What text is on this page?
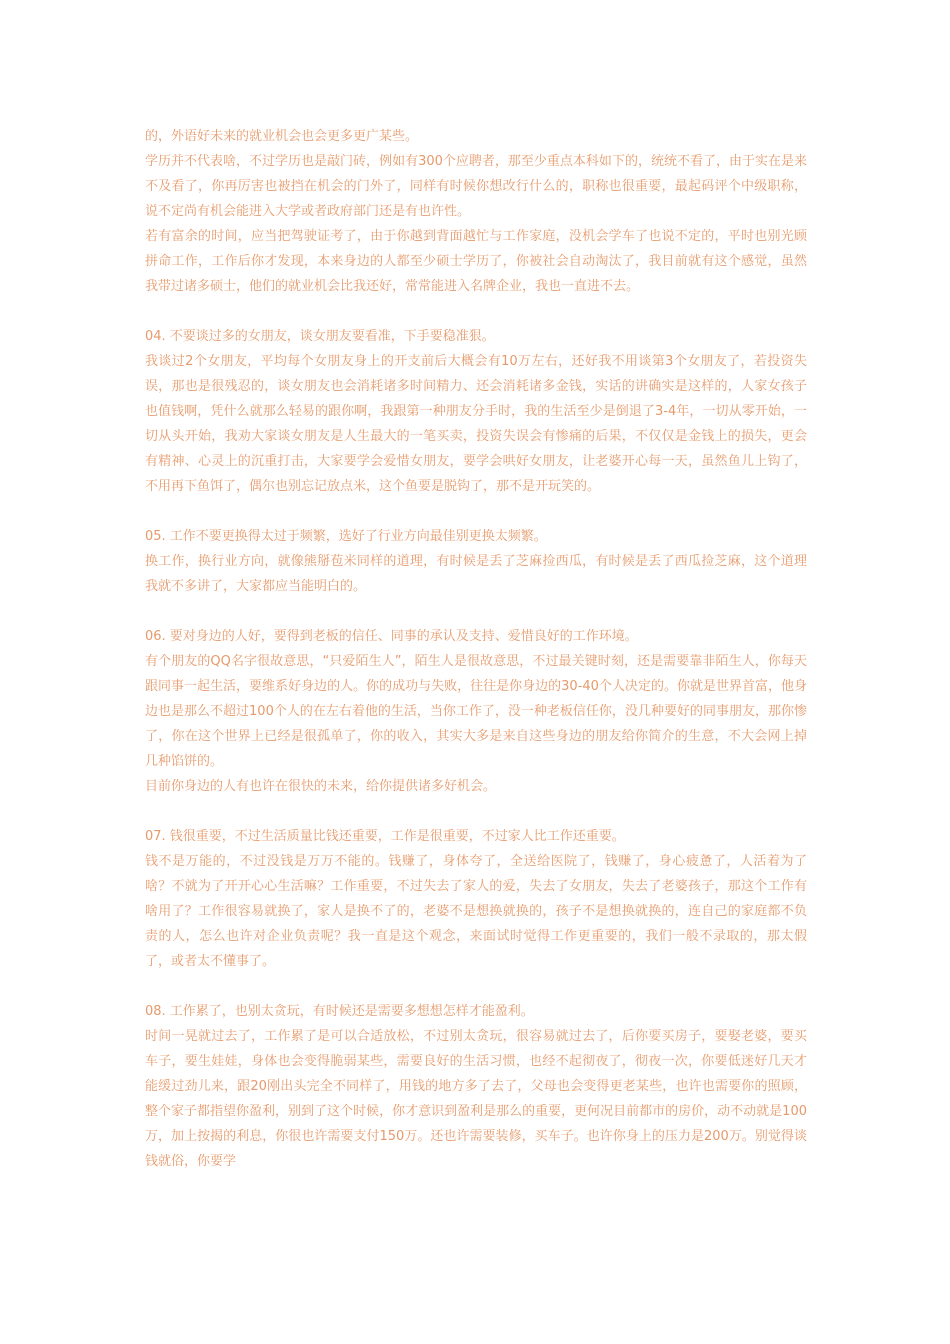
的，外语好未来的就业机会也会更多更广某些。

学历并不代表啥，不过学历也是敲门砖，例如有300个应聘者，那至少重点本科如下的，统统不看了，由于实在是来不及看了，你再厉害也被挡在机会的门外了，同样有时候你想改行什么的，职称也很重要，最起码评个中级职称，说不定尚有机会能进入大学或者政府部门还是有也许性。

若有富余的时间，应当把驾驶证考了，由于你越到背面越忙与工作家庭，没机会学车了也说不定的，平时也别光顾拼命工作，工作后你才发现，本来身边的人都至少硕士学历了，你被社会自动淘汰了，我目前就有这个感觉，虽然我带过诸多硕士，他们的就业机会比我还好，常常能进入名牌企业，我也一直进不去。

04. 不要谈过多的女朋友，谈女朋友要看准，下手要稳准狠。

我谈过2个女朋友，平均每个女朋友身上的开支前后大概会有10万左右，还好我不用谈第3个女朋友了，若投资失误，那也是很残忍的，谈女朋友也会消耗诸多时间精力、还会消耗诸多金钱，实话的讲确实是这样的，人家女孩子也值钱啊，凭什么就那么轻易的跟你啊，我跟第一种朋友分手时，我的生活至少是倒退了3-4年，一切从零开始，一切从头开始，我劝大家谈女朋友是人生最大的一笔买卖，投资失误会有惨痛的后果，不仅仅是金钱上的损失，更会有精神、心灵上的沉重打击，大家要学会爱惜女朋友，要学会哄好女朋友，让老婆开心每一天，虽然鱼儿上钩了，不用再下鱼饵了，偶尔也别忘记放点米，这个鱼要是脱钩了，那不是开玩笑的。

05. 工作不要更换得太过于频繁，选好了行业方向最佳别更换太频繁。

换工作，换行业方向，就像熊掰苞米同样的道理，有时候是丢了芝麻捡西瓜，有时候是丢了西瓜捡芝麻，这个道理我就不多讲了，大家都应当能明白的。

06. 要对身边的人好，要得到老板的信任、同事的承认及支持、爱惜良好的工作环境。

有个朋友的QQ名字很故意思，“只爱陌生人”，陌生人是很故意思，不过最关键时刻，还是需要靠非陌生人，你每天跟同事一起生活，要维系好身边的人。你的成功与失败，往往是你身边的30-40个人决定的。你就是世界首富，他身边也是那么不超过100个人的在左右着他的生活，当你工作了，没一种老板信任你，没几种要好的同事朋友，那你惨了，你在这个世界上已经是很孤单了，你的收入，其实大多是来自这些身边的朋友给你简介的生意，不大会网上掉几种馅饼的。

目前你身边的人有也许在很快的未来，给你提供诸多好机会。

07. 钱很重要，不过生活质量比钱还重要，工作是很重要，不过家人比工作还重要。

钱不是万能的，不过没钱是万万不能的。钱赚了，身体夸了，全送给医院了，钱赚了，身心疲惫了，人活着为了啥？不就为了开开心心生活嘛？工作重要，不过失去了家人的爱，失去了女朋友，失去了老婆孩子，那这个工作有啥用了？工作很容易就换了，家人是换不了的，老婆不是想换就换的，孩子不是想换就换的，连自己的家庭都不负责的人，怎么也许对企业负责呢？我一直是这个观念，来面试时觉得工作更重要的，我们一般不录取的，那太假了，或者太不懂事了。

08. 工作累了，也别太贪玩，有时候还是需要多想想怎样才能盈利。

时间一晃就过去了，工作累了是可以合适放松，不过别太贪玩，很容易就过去了，后你要买房子，要娶老婆，要买车子，要生娃娃，身体也会变得脆弱某些，需要良好的生活习惯，也经不起彻夜了，彻夜一次，你要低迷好几天才能缓过劲儿来，跟20刚出头完全不同样了，用钱的地方多了去了，父母也会变得更老某些，也许也需要你的照顾，整个家子都指望你盈利，别到了这个时候，你才意识到盈利是那么的重要，更何况目前都市的房价，动不动就是100万，加上按揭的利息，你很也许需要支付150万。还也许需要装修，买车子。也许你身上的压力是200万。别觉得谈钱就俗，你要学
